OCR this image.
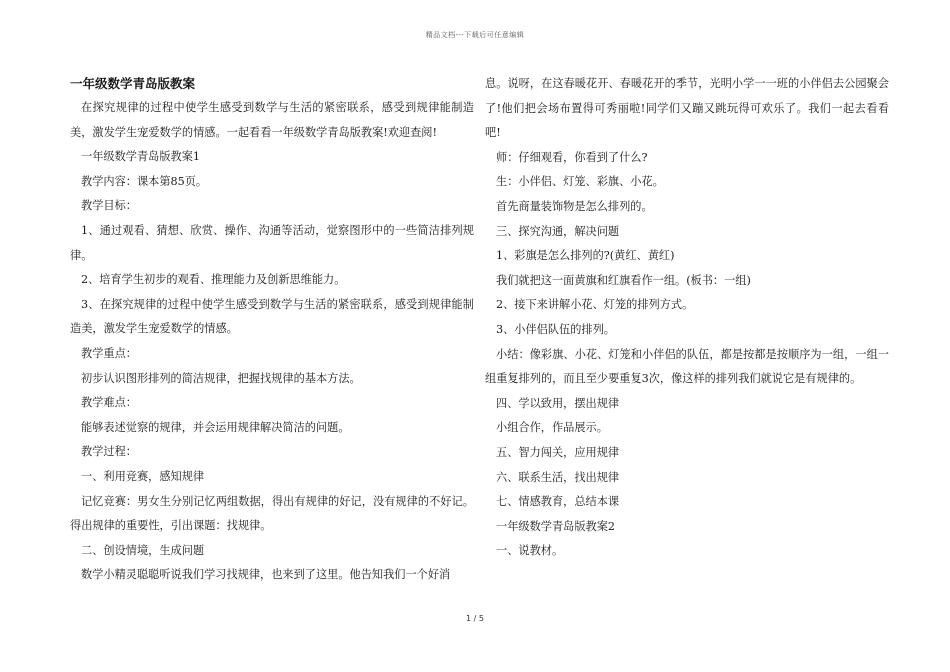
精品文档---下载后可任意编辑
一年级数学青岛版教案

在探究规律的过程中使学生感受到数学与生活的紧密联系，感受到规律能制造美，激发学生宠爱数学的情感。一起看看一年级数学青岛版教案!欢迎查阅!

一年级数学青岛版教案1

教学内容：课本第85页。

教学目标：

1、通过观看、猜想、欣赏、操作、沟通等活动，觉察图形中的一些简洁排列规律。

2、培育学生初步的观看、推理能力及创新思维能力。

3、在探究规律的过程中使学生感受到数学与生活的紧密联系，感受到规律能制造美，激发学生宠爱数学的情感。

教学重点：

初步认识图形排列的简洁规律，把握找规律的基本方法。

教学难点：

能够表述觉察的规律，并会运用规律解决简洁的问题。

教学过程：

一、利用竞赛，感知规律

记忆竞赛：男女生分别记忆两组数据，得出有规律的好记，没有规律的不好记。得出规律的重要性，引出课题：找规律。

二、创设情境，生成问题

数学小精灵聪聪听说我们学习找规律，也来到了这里。他告知我们一个好消

息。说呀，在这春暖花开、春暖花开的季节，光明小学一一班的小伴侣去公园聚会了!他们把会场布置得可秀丽啦!同学们又蹦又跳玩得可欢乐了。我们一起去看看吧!

师：仔细观看，你看到了什么?

生：小伴侣、灯笼、彩旗、小花。

首先商量装饰物是怎么排列的。

三、探究沟通，解决问题

1、彩旗是怎么排列的?(黄红、黄红)

我们就把这一面黄旗和红旗看作一组。(板书：一组)

2、接下来讲解小花、灯笼的排列方式。

3、小伴侣队伍的排列。

小结：像彩旗、小花、灯笼和小伴侣的队伍，都是按都是按顺序为一组，一组一组重复排列的，而且至少要重复3次，像这样的排列我们就说它是有规律的。

四、学以致用，摆出规律

小组合作，作品展示。

五、智力闯关，应用规律

六、联系生活，找出规律

七、情感教育，总结本课

一年级数学青岛版教案2

一、说教材。

1 / 5
